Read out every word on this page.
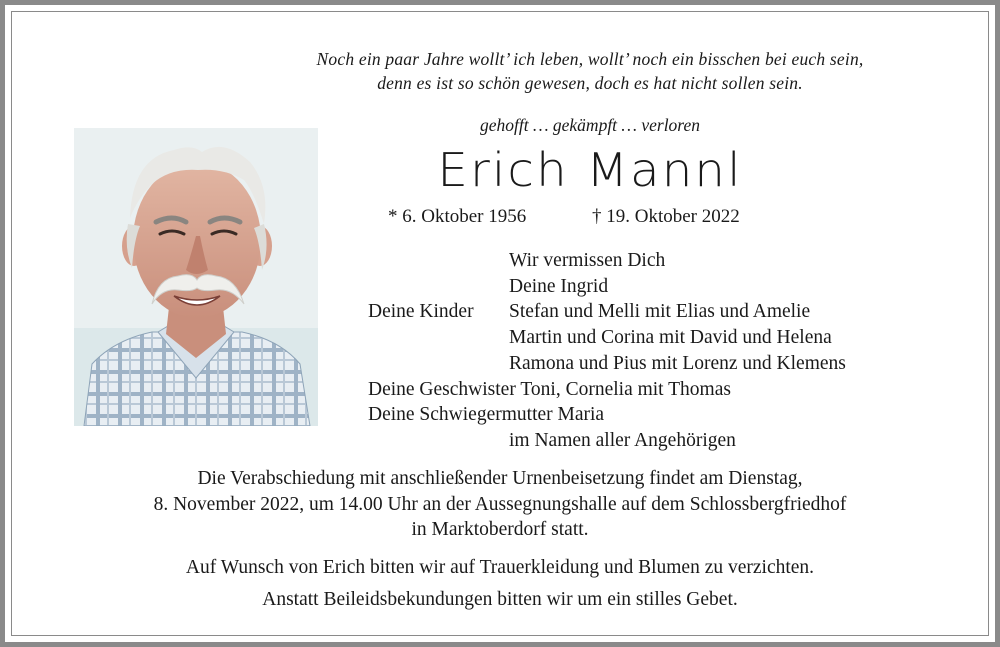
Noch ein paar Jahre wollt’ ich leben, wollt’ noch ein bisschen bei euch sein,
denn es ist so schön gewesen, doch es hat nicht sollen sein.
gehofft … gekämpft … verloren
Erich Mannl
* 6. Oktober 1956	† 19. Oktober 2022
Wir vermissen Dich
Deine Ingrid
Deine Kinder	Stefan und Melli mit Elias und Amelie
Martin und Corina mit David und Helena
Ramona und Pius mit Lorenz und Klemens
Deine Geschwister Toni, Cornelia mit Thomas
Deine Schwiegermutter Maria
im Namen aller Angehörigen
Die Verabschiedung mit anschließender Urnenbeisetzung findet am Dienstag,
8. November 2022, um 14.00 Uhr an der Aussegnungshalle auf dem Schlossbergfriedhof
in Marktoberdorf statt.
Auf Wunsch von Erich bitten wir auf Trauerkleidung und Blumen zu verzichten.
Anstatt Beileidsbekundungen bitten wir um ein stilles Gebet.
